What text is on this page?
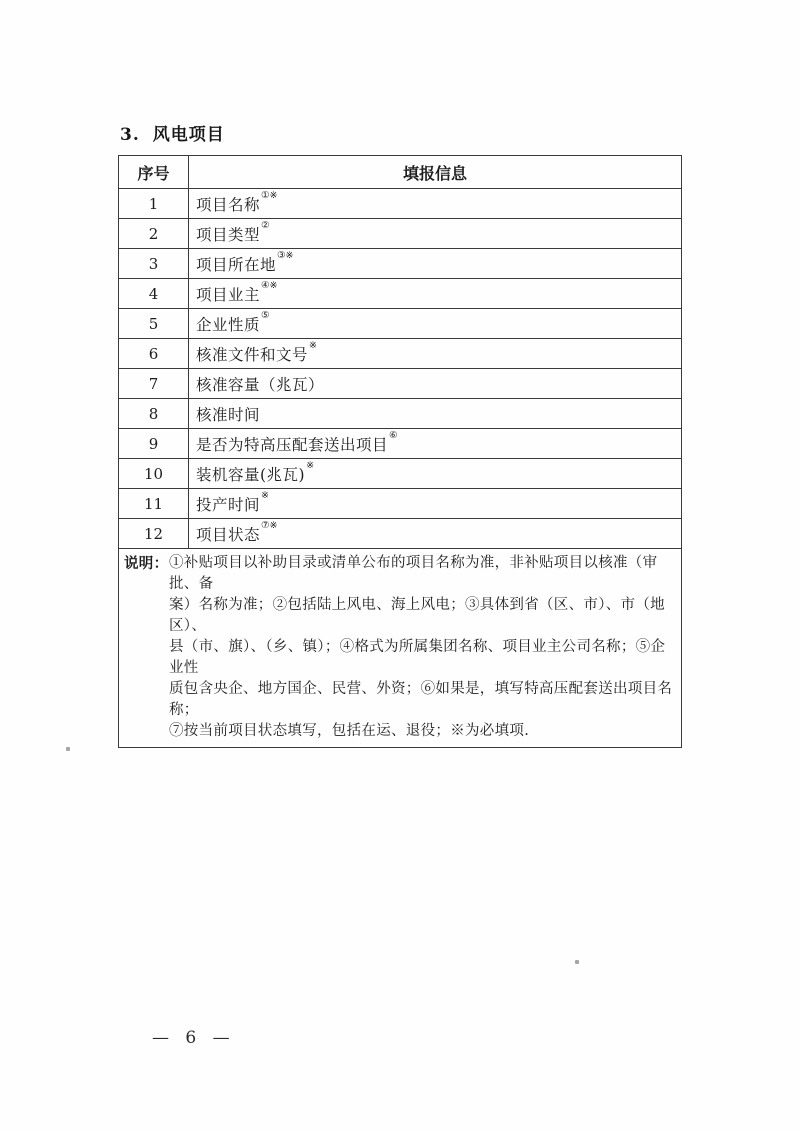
3. 风电项目
序号	填报信息
1	项目名称①※
2	项目类型②
3	项目所在地③※
4	项目业主④※
5	企业性质⑤
6	核准文件和文号※
7	核准容量（兆瓦）
8	核准时间
9	是否为特高压配套送出项目⑥
10	装机容量(兆瓦)※
11	投产时间※
12	项目状态⑦※

说明： ①补贴项目以补助目录或清单公布的项目名称为准，非补贴项目以核准（审批、备
案）名称为准；②包括陆上风电、海上风电；③具体到省（区、市）、市（地区）、
县（市、旗）、（乡、镇）；④格式为所属集团名称、项目业主公司名称；⑤企业性
质包含央企、地方国企、民营、外资；⑥如果是，填写特高压配套送出项目名称；
⑦按当前项目状态填写，包括在运、退役；※为必填项.
— 6 —
